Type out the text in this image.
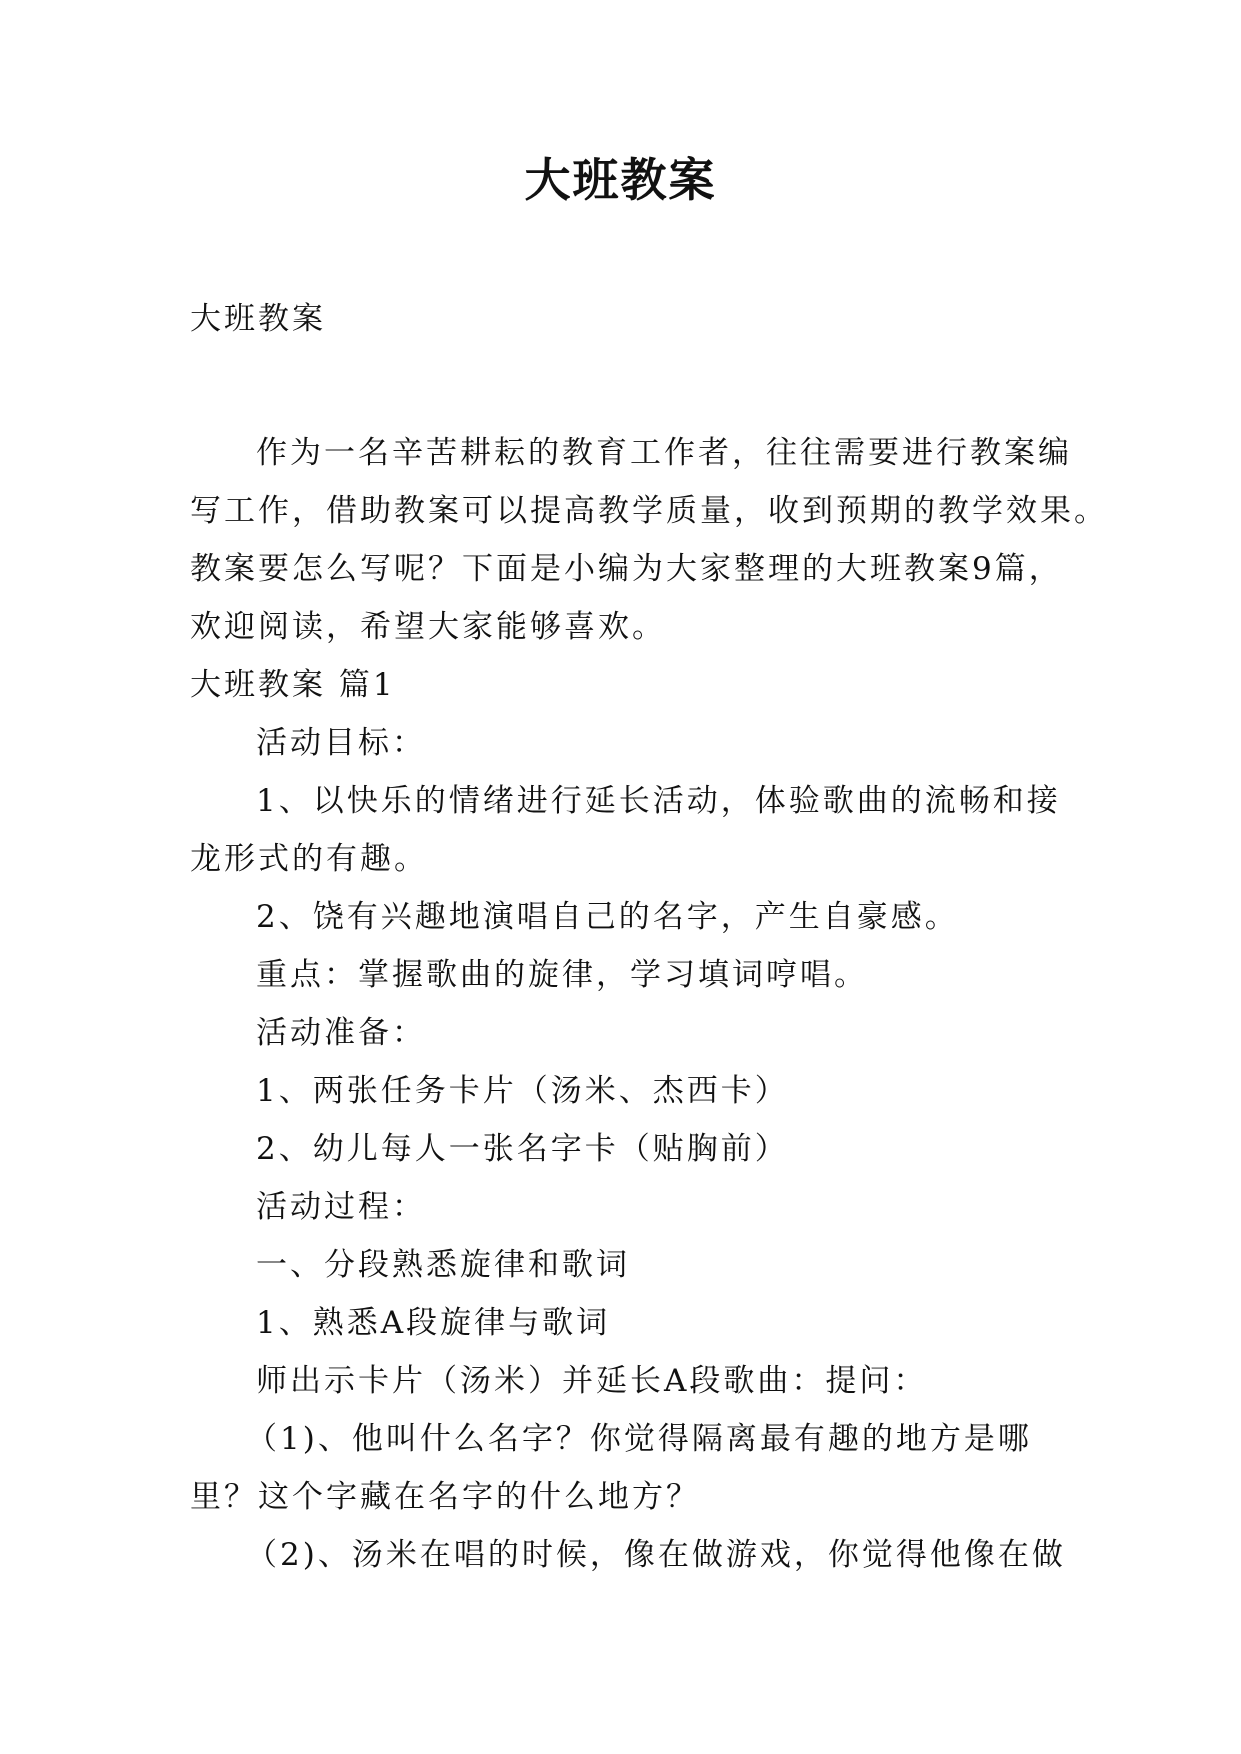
大班教案
大班教案
作为一名辛苦耕耘的教育工作者，往往需要进行教案编
写工作，借助教案可以提高教学质量，收到预期的教学效果。
教案要怎么写呢？下面是小编为大家整理的大班教案9篇，
欢迎阅读，希望大家能够喜欢。
大班教案 篇1
活动目标：
1、以快乐的情绪进行延长活动，体验歌曲的流畅和接
龙形式的有趣。
2、饶有兴趣地演唱自己的名字，产生自豪感。
重点：掌握歌曲的旋律，学习填词哼唱。
活动准备：
1、两张任务卡片（汤米、杰西卡）
2、幼儿每人一张名字卡（贴胸前）
活动过程：
一、分段熟悉旋律和歌词
1、熟悉A段旋律与歌词
师出示卡片（汤米）并延长A段歌曲：提问：
（1)、他叫什么名字？你觉得隔离最有趣的地方是哪
里？这个字藏在名字的什么地方？
（2)、汤米在唱的时候，像在做游戏，你觉得他像在做
